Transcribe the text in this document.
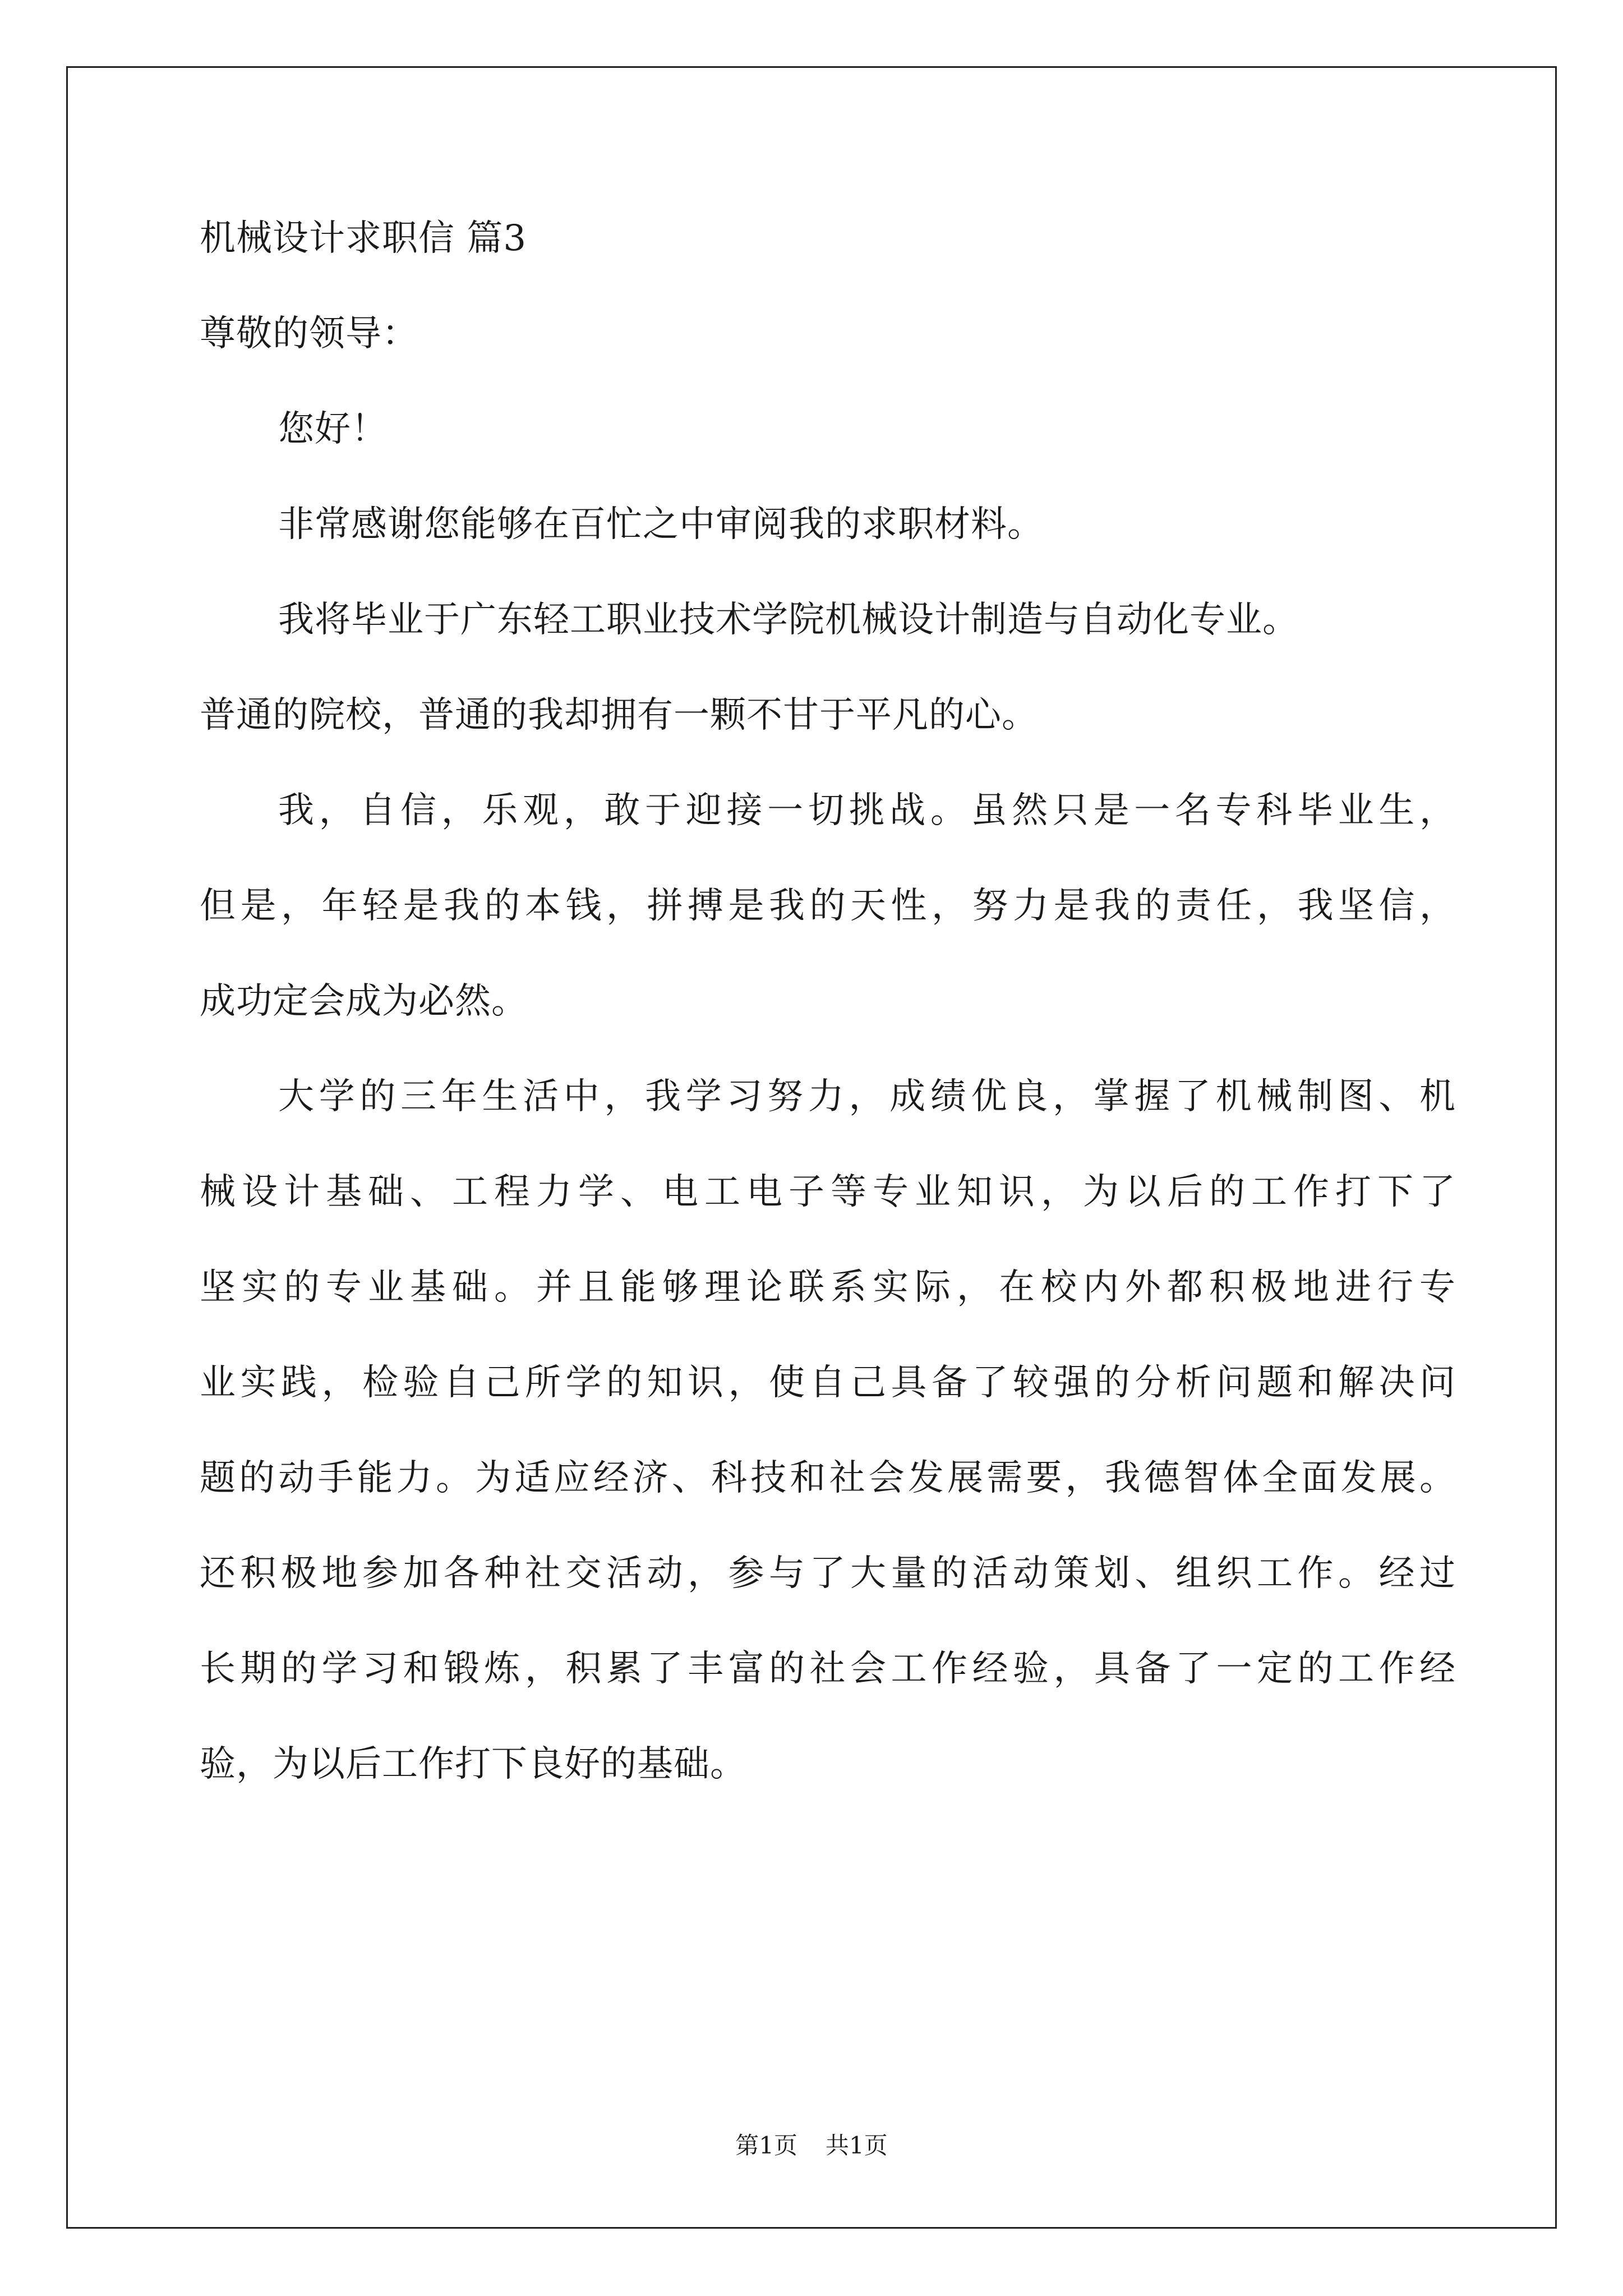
机械设计求职信 篇3
尊敬的领导：
您好！
非常感谢您能够在百忙之中审阅我的求职材料。
我将毕业于广东轻工职业技术学院机械设计制造与自动化专业。
普通的院校，普通的我却拥有一颗不甘于平凡的心。
我，自信，乐观，敢于迎接一切挑战。虽然只是一名专科毕业生，
但是，年轻是我的本钱，拼搏是我的天性，努力是我的责任，我坚信，
成功定会成为必然。
大学的三年生活中，我学习努力，成绩优良，掌握了机械制图、机
械设计基础、工程力学、电工电子等专业知识，为以后的工作打下了
坚实的专业基础。并且能够理论联系实际，在校内外都积极地进行专
业实践，检验自己所学的知识，使自己具备了较强的分析问题和解决问
题的动手能力。为适应经济、科技和社会发展需要，我德智体全面发展。
还积极地参加各种社交活动，参与了大量的活动策划、组织工作。经过
长期的学习和锻炼，积累了丰富的社会工作经验，具备了一定的工作经
验，为以后工作打下良好的基础。
第1页 共1页
